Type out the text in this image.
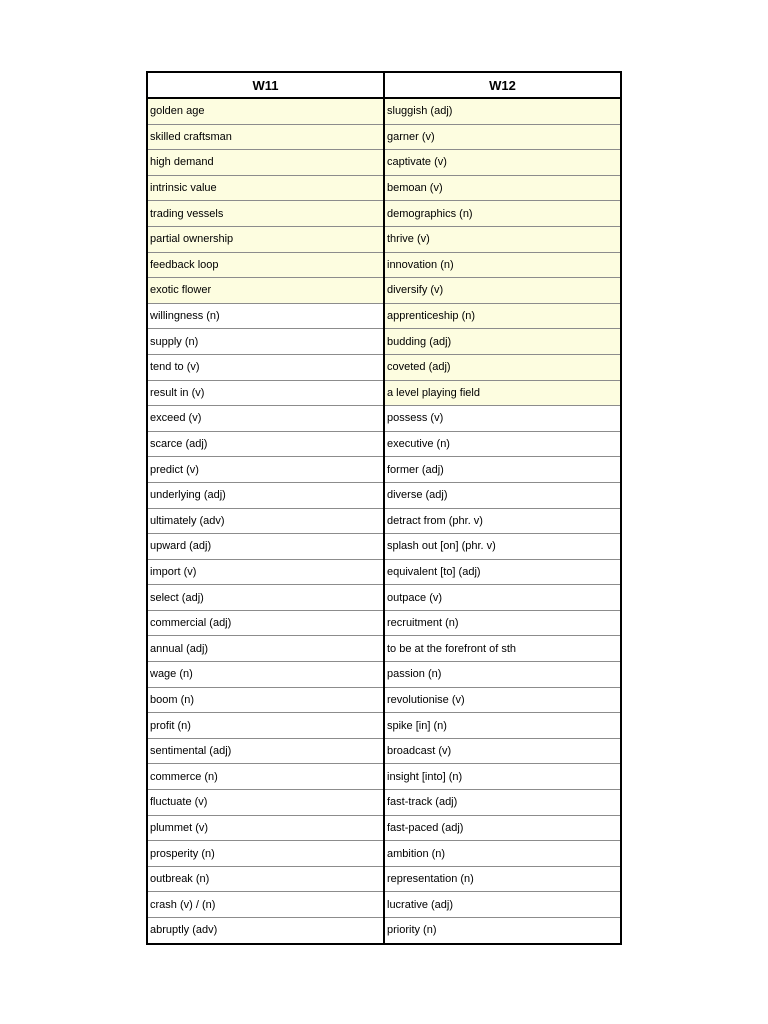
W11	W12
golden age	sluggish (adj)
skilled craftsman	garner (v)
high demand	captivate (v)
intrinsic value	bemoan (v)
trading vessels	demographics (n)
partial ownership	thrive (v)
feedback loop	innovation (n)
exotic flower	diversify (v)
willingness (n)	apprenticeship (n)
supply (n)	budding (adj)
tend to (v)	coveted (adj)
result in (v)	a level playing field
exceed (v)	possess (v)
scarce (adj)	executive (n)
predict (v)	former (adj)
underlying (adj)	diverse (adj)
ultimately (adv)	detract from (phr. v)
upward (adj)	splash out [on] (phr. v)
import (v)	equivalent [to] (adj)
select (adj)	outpace (v)
commercial (adj)	recruitment (n)
annual (adj)	to be at the forefront of sth
wage (n)	passion (n)
boom (n)	revolutionise (v)
profit (n)	spike [in] (n)
sentimental (adj)	broadcast (v)
commerce (n)	insight [into] (n)
fluctuate (v)	fast-track (adj)
plummet (v)	fast-paced (adj)
prosperity (n)	ambition (n)
outbreak (n)	representation (n)
crash (v) / (n)	lucrative (adj)
abruptly (adv)	priority (n)
